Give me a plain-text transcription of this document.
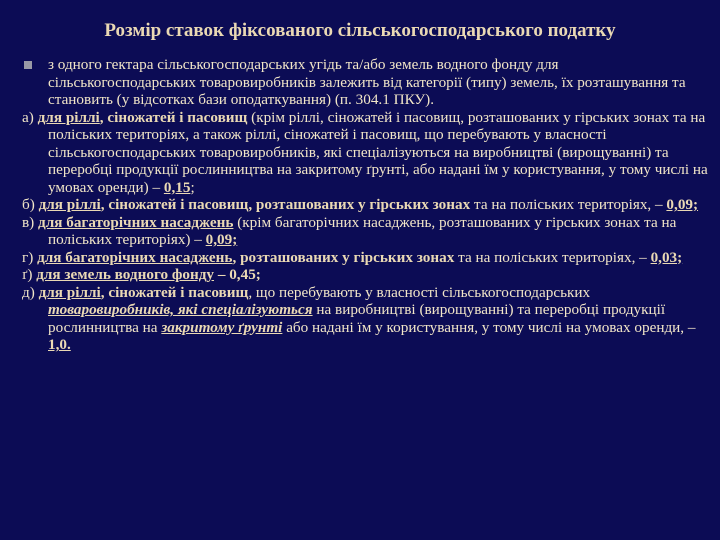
Розмір ставок фіксованого сільськогосподарського податку

з одного гектара сільськогосподарських угідь та/або земель водного фонду для сільськогосподарських товаровиробників залежить від категорії (типу) земель, їх розташування та становить (у відсотках бази оподаткування) (п. 304.1 ПКУ).

а) для ріллі, сіножатей і пасовищ (крім ріллі, сіножатей і пасовищ, розташованих у гірських зонах та на поліських територіях, а також ріллі, сіножатей і пасовищ, що перебувають у власності сільськогосподарських товаровиробників, які спеціалізуються на виробництві (вирощуванні) та переробці продукції рослинництва на закритому ґрунті, або надані їм у користування, у тому числі на умовах оренди) – 0,15;

б) для ріллі, сіножатей і пасовищ, розташованих у гірських зонах та на поліських територіях, – 0,09;

в) для багаторічних насаджень (крім багаторічних насаджень, розташованих у гірських зонах та на поліських територіях) – 0,09;

г) для багаторічних насаджень, розташованих у гірських зонах та на поліських територіях, – 0,03;

ґ) для земель водного фонду – 0,45;

д) для ріллі, сіножатей і пасовищ, що перебувають у власності сільськогосподарських товаровиробників, які спеціалізуються на виробництві (вирощуванні) та переробці продукції рослинництва на закритому ґрунті або надані їм у користування, у тому числі на умовах оренди, – 1,0.
